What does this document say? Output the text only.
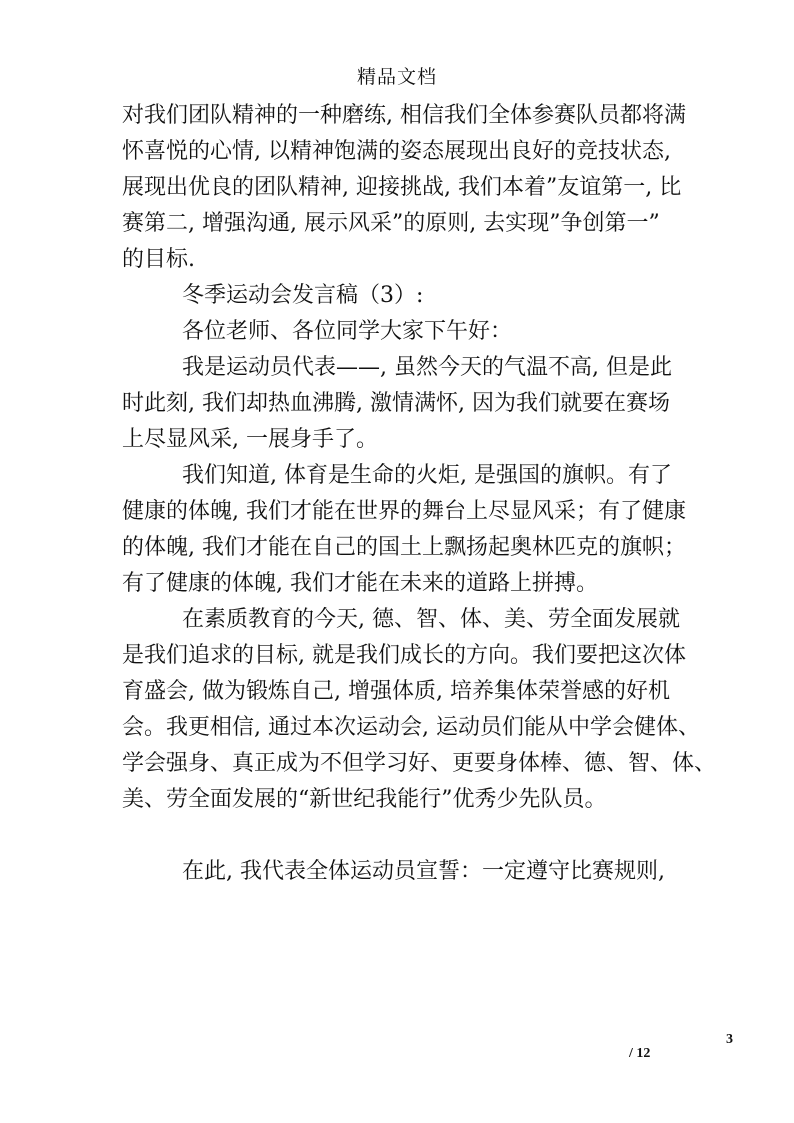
精品文档
对我们团队精神的一种磨练, 相信我们全体参赛队员都将满
怀喜悦的心情, 以精神饱满的姿态展现出良好的竞技状态,
展现出优良的团队精神, 迎接挑战, 我们本着”友谊第一, 比
赛第二, 增强沟通, 展示风采”的原则, 去实现”争创第一”
的目标.
冬季运动会发言稿（3）:
各位老师、各位同学大家下午好：
我是运动员代表——, 虽然今天的气温不高, 但是此
时此刻, 我们却热血沸腾, 激情满怀, 因为我们就要在赛场
上尽显风采, 一展身手了。
我们知道, 体育是生命的火炬, 是强国的旗帜。有了
健康的体魄, 我们才能在世界的舞台上尽显风采；有了健康
的体魄, 我们才能在自己的国土上飘扬起奥林匹克的旗帜；
有了健康的体魄, 我们才能在未来的道路上拼搏。
在素质教育的今天, 德、智、体、美、劳全面发展就
是我们追求的目标, 就是我们成长的方向。我们要把这次体
育盛会, 做为锻炼自己, 增强体质, 培养集体荣誉感的好机
会。我更相信, 通过本次运动会, 运动员们能从中学会健体、
学会强身、真正成为不但学习好、更要身体棒、德、智、体、
美、劳全面发展的“新世纪我能行”优秀少先队员。
在此, 我代表全体运动员宣誓：一定遵守比赛规则,
3
/ 12
